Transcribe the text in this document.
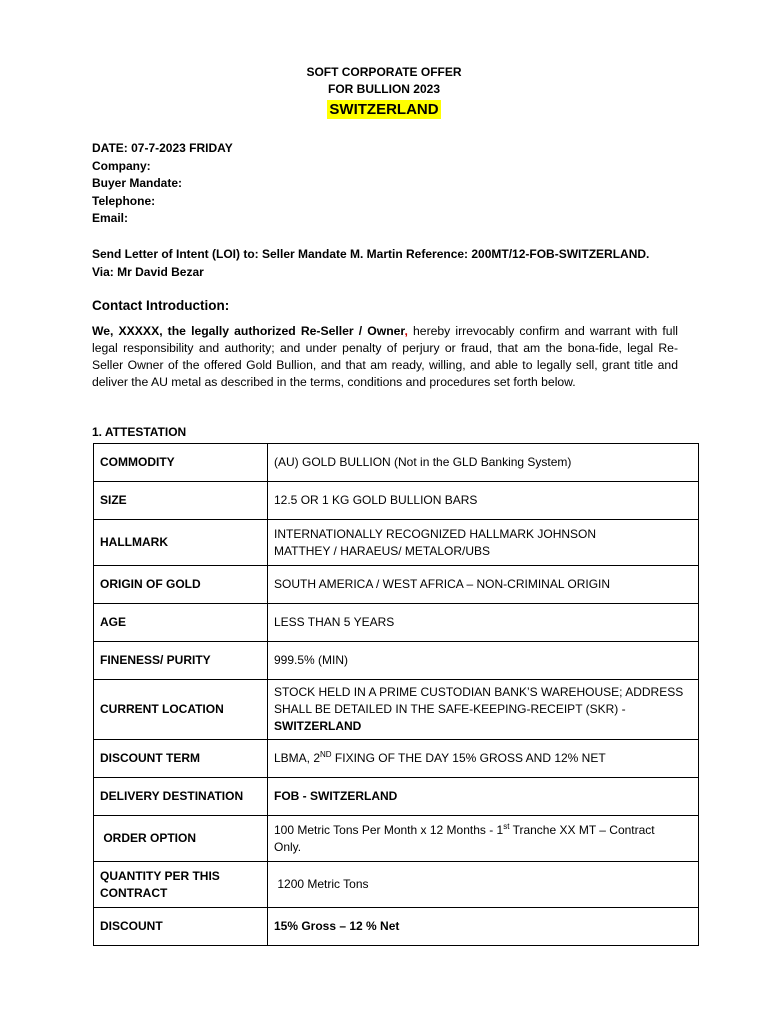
SOFT CORPORATE OFFER
FOR BULLION 2023
SWITZERLAND
DATE: 07-7-2023 FRIDAY
Company:
Buyer Mandate:
Telephone:
Email:
Send Letter of Intent (LOI) to: Seller Mandate M. Martin Reference: 200MT/12-FOB-SWITZERLAND.
Via: Mr David Bezar
Contact Introduction:
We, XXXXX, the legally authorized Re-Seller / Owner, hereby irrevocably confirm and warrant with full legal responsibility and authority; and under penalty of perjury or fraud, that am the bona-fide, legal Re-Seller Owner of the offered Gold Bullion, and that am ready, willing, and able to legally sell, grant title and deliver the AU metal as described in the terms, conditions and procedures set forth below.
1. ATTESTATION
COMMODITY	(AU) GOLD BULLION (Not in the GLD Banking System)
SIZE	12.5 OR 1 KG GOLD BULLION BARS
HALLMARK	INTERNATIONALLY RECOGNIZED HALLMARK JOHNSON
MATTHEY / HARAEUS/ METALOR/UBS

ORIGIN OF GOLD	SOUTH AMERICA / WEST AFRICA – NON-CRIMINAL ORIGIN
AGE	LESS THAN 5 YEARS
FINENESS/ PURITY	999.5% (MIN)
CURRENT LOCATION	STOCK HELD IN A PRIME CUSTODIAN BANK’S WAREHOUSE; ADDRESS
SHALL BE DETAILED IN THE SAFE-KEEPING-RECEIPT (SKR) -
SWITZERLAND

DISCOUNT TERM	LBMA, 2ND FIXING OF THE DAY 15% GROSS AND 12% NET
DELIVERY DESTINATION	FOB - SWITZERLAND
ORDER OPTION	100 Metric Tons Per Month x 12 Months - 1st Tranche XX MT – Contract
Only.

QUANTITY PER THIS
CONTRACT	1200 Metric Tons
DISCOUNT	15% Gross – 12 % Net
